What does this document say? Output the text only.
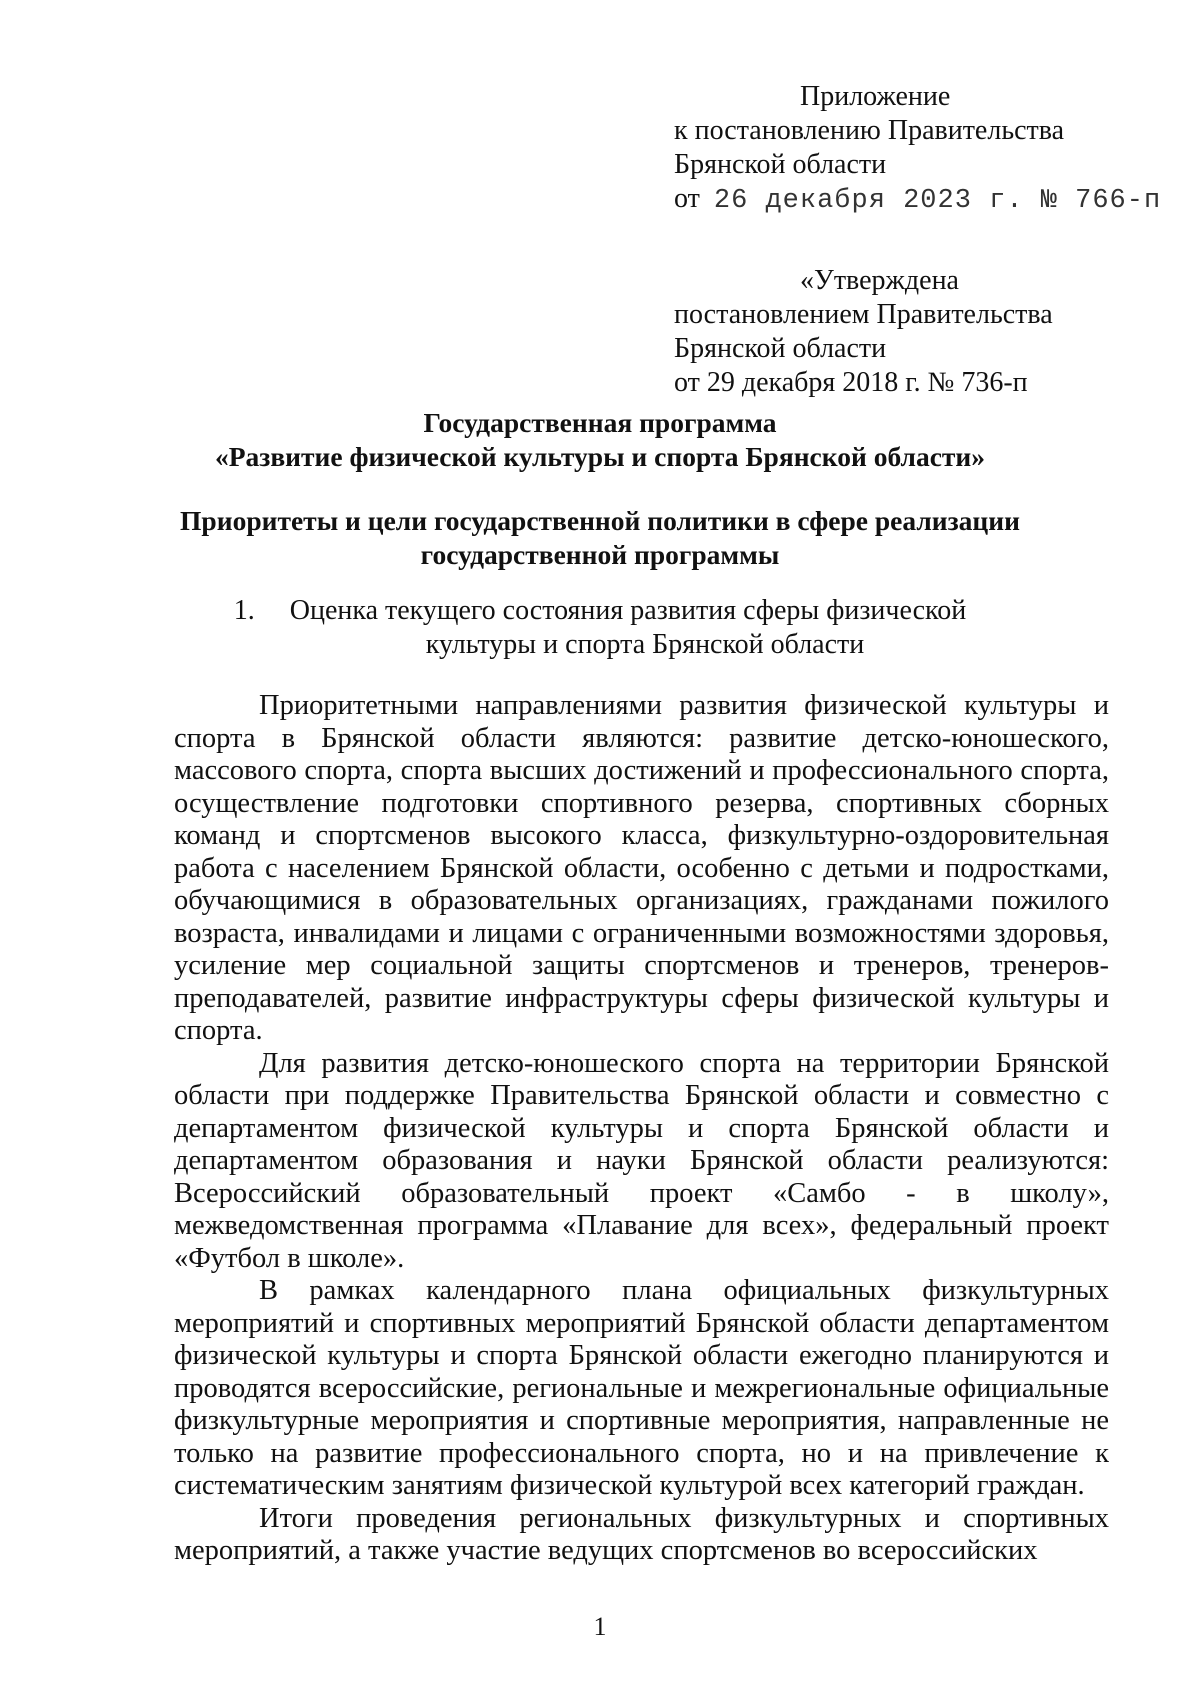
Приложение
к постановлению Правительства
Брянской области
от 26 декабря 2023 г. № 766-п
«Утверждена
постановлением Правительства
Брянской области
от 29 декабря 2018 г. № 736-п
Государственная программа
«Развитие физической культуры и спорта Брянской области»
Приоритеты и цели государственной политики в сфере реализации
государственной программы
1.     Оценка текущего состояния развития сферы физической
культуры и спорта Брянской области

Приоритетными направлениями развития физической культуры и спорта в Брянской области являются: развитие детско-юношеского, массового спорта, спорта высших достижений и профессионального спорта, осуществление подготовки спортивного резерва, спортивных сборных команд и спортсменов высокого класса, физкультурно-оздоровительная работа с населением Брянской области, особенно с детьми и подростками, обучающимися в образовательных организациях, гражданами пожилого возраста, инвалидами и лицами с ограниченными возможностями здоровья, усиление мер социальной защиты спортсменов и тренеров, тренеров-преподавателей, развитие инфраструктуры сферы физической культуры и спорта.

Для развития детско-юношеского спорта на территории Брянской области при поддержке Правительства Брянской области и совместно с департаментом физической культуры и спорта Брянской области и департаментом образования и науки Брянской области реализуются: Всероссийский образовательный проект «Самбо - в школу», межведомственная программа «Плавание для всех», федеральный проект «Футбол в школе».

В рамках календарного плана официальных физкультурных мероприятий и спортивных мероприятий Брянской области департаментом физической культуры и спорта Брянской области ежегодно планируются и проводятся всероссийские, региональные и межрегиональные официальные физкультурные мероприятия и спортивные мероприятия, направленные не только на развитие профессионального спорта, но и на привлечение к систематическим занятиям физической культурой всех категорий граждан.

Итоги проведения региональных физкультурных и спортивных мероприятий, а также участие ведущих спортсменов во всероссийских

1
